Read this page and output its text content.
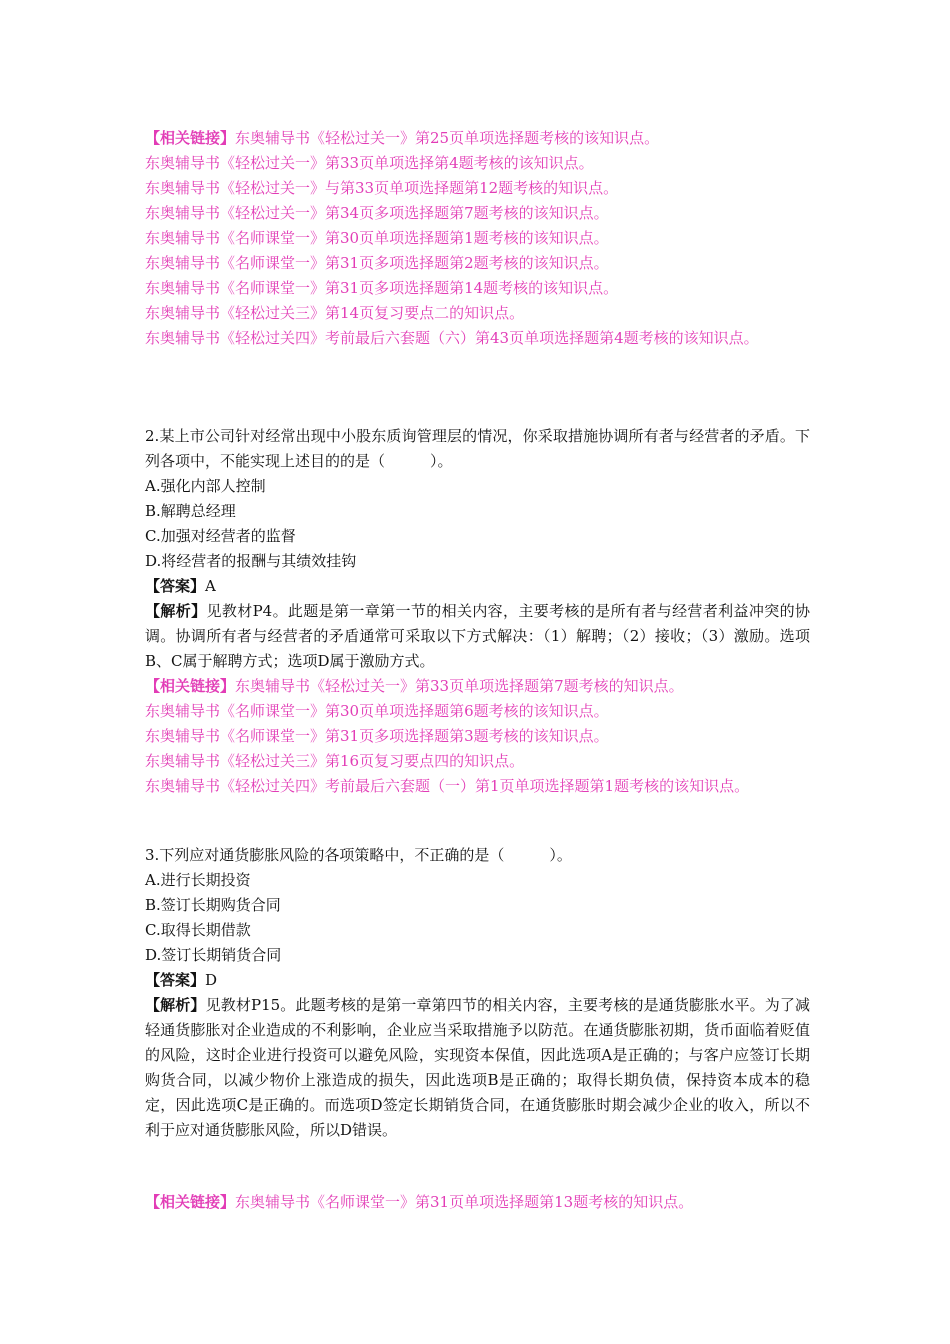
【相关链接】东奥辅导书《轻松过关一》第25页单项选择题考核的该知识点。
东奥辅导书《轻松过关一》第33页单项选择第4题考核的该知识点。
东奥辅导书《轻松过关一》与第33页单项选择题第12题考核的知识点。
东奥辅导书《轻松过关一》第34页多项选择题第7题考核的该知识点。
东奥辅导书《名师课堂一》第30页单项选择题第1题考核的该知识点。
东奥辅导书《名师课堂一》第31页多项选择题第2题考核的该知识点。
东奥辅导书《名师课堂一》第31页多项选择题第14题考核的该知识点。
东奥辅导书《轻松过关三》第14页复习要点二的知识点。
东奥辅导书《轻松过关四》考前最后六套题（六）第43页单项选择题第4题考核的该知识点。
2.某上市公司针对经常出现中小股东质询管理层的情况，你采取措施协调所有者与经营者的矛盾。下列各项中，不能实现上述目的的是（　　　）。
A.强化内部人控制
B.解聘总经理
C.加强对经营者的监督
D.将经营者的报酬与其绩效挂钩
【答案】A
【解析】见教材P4。此题是第一章第一节的相关内容，主要考核的是所有者与经营者利益冲突的协调。协调所有者与经营者的矛盾通常可采取以下方式解决：（1）解聘；（2）接收；（3）激励。选项B、C属于解聘方式；选项D属于激励方式。
【相关链接】东奥辅导书《轻松过关一》第33页单项选择题第7题考核的知识点。
东奥辅导书《名师课堂一》第30页单项选择题第6题考核的该知识点。
东奥辅导书《名师课堂一》第31页多项选择题第3题考核的该知识点。
东奥辅导书《轻松过关三》第16页复习要点四的知识点。
东奥辅导书《轻松过关四》考前最后六套题（一）第1页单项选择题第1题考核的该知识点。
3.下列应对通货膨胀风险的各项策略中，不正确的是（　　　）。
A.进行长期投资
B.签订长期购货合同
C.取得长期借款
D.签订长期销货合同
【答案】D
【解析】见教材P15。此题考核的是第一章第四节的相关内容，主要考核的是通货膨胀水平。为了减轻通货膨胀对企业造成的不利影响，企业应当采取措施予以防范。在通货膨胀初期，货币面临着贬值的风险，这时企业进行投资可以避免风险，实现资本保值，因此选项A是正确的；与客户应签订长期购货合同，以减少物价上涨造成的损失，因此选项B是正确的；取得长期负债，保持资本成本的稳定，因此选项C是正确的。而选项D签定长期销货合同，在通货膨胀时期会减少企业的收入，所以不利于应对通货膨胀风险，所以D错误。
【相关链接】东奥辅导书《名师课堂一》第31页单项选择题第13题考核的知识点。
